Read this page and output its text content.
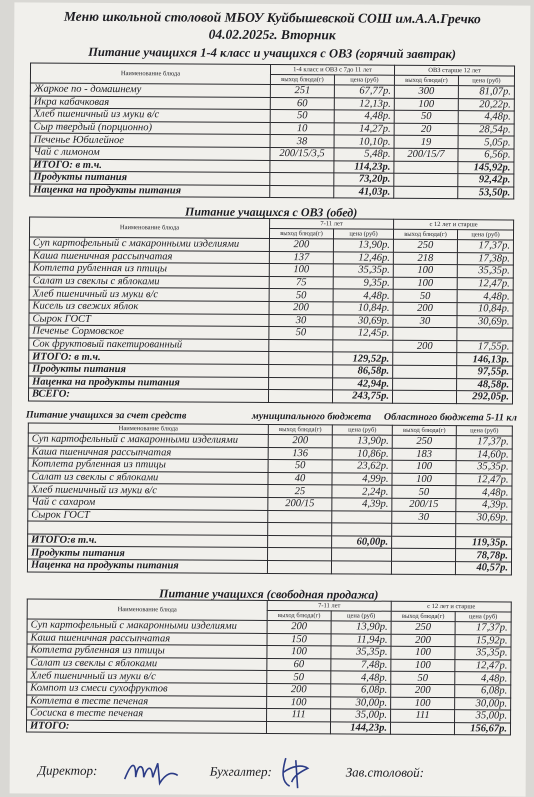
Меню школьной столовой МБОУ Куйбышевской СОШ им.А.А.Гречко
04.02.2025г. Вторник
Питание учащихся 1-4 класс и учащихся с ОВЗ (горячий завтрак)
Наименование блюда	1-4 класс и ОВЗ с 7до 11 лет		ОВЗ старше 12 лет	
	выход блюда(г)	цена (руб)	выход блюда(г)	цена (руб)
Жаркое по - домашнему	251	67,77р.	300	81,07р.
Икра кабачковая	60	12,13р.	100	20,22р.
Хлеб пшеничный из муки в/с	50	4,48р.	50	4,48р.
Сыр твердый (порционно)	10	14,27р.	20	28,54р.
Печенье Юбилейное	38	10,10р.	19	5,05р.
Чай с лимоном	200/15/3,5	5,48р.	200/15/7	6,56р.
ИТОГО: в т.ч.		114,23р.		145,92р.
Продукты питания		73,20р.		92,42р.
Наценка на продукты питания		41,03р.		53,50р.
Питание учащихся с ОВЗ (обед)
Наименование блюда	7-11 лет		с 12 лет и старше	
	выход блюда(г)	цена (руб)	выход блюда(г)	цена (руб)
Суп картофельный с макаронными изделиями	200	13,90р.	250	17,37р.
Каша пшеничная рассыпчатая	137	12,46р.	218	17,38р.
Котлета рубленная из птицы	100	35,35р.	100	35,35р.
Салат из свеклы с яблоками	75	9,35р.	100	12,47р.
Хлеб пшеничный из муки в/с	50	4,48р.	50	4,48р.
Кисель из свежих яблок	200	10,84р.	200	10,84р.
Сырок ГОСТ	30	30,69р.	30	30,69р.
Печенье Сормовское	50	12,45р.		
Сок фруктовый пакетированный			200	17,55р.
ИТОГО: в т.ч.		129,52р.		146,13р.
Продукты питания		86,58р.		97,55р.
Наценка на продукты питания		42,94р.		48,58р.
ВСЕГО:		243,75р.		292,05р.
Питание учащихся за счет средств	муниципального бюджета Областного бюджета 5-11 кл
Наименование блюда	выход блюда(г)	цена (руб)	выход блюда(г)	цена (руб)
Суп картофельный с макаронными изделиями	200	13,90р.	250	17,37р.
Каша пшеничная рассыпчатая	136	10,86р.	183	14,60р.
Котлета рубленная из птицы	50	23,62р.	100	35,35р.
Салат из свеклы с яблоками	40	4,99р.	100	12,47р.
Хлеб пшеничный из муки в/с	25	2,24р.	50	4,48р.
Чай с сахаром	200/15	4,39р.	200/15	4,39р.
Сырок ГОСТ			30	30,69р.

ИТОГО:в т.ч.		60,00р.		119,35р.
Продукты питания				78,78р.
Наценка на продукты питания				40,57р.
Питание учащихся (свободная продажа)
Наименование блюда	7-11 лет		с 12 лет и старше	
	выход блюда(г)	цена (руб)	выход блюда(г)	цена (руб)
Суп картофельный с макаронными изделиями	200	13,90р.	250	17,37р.
Каша пшеничная рассыпчатая	150	11,94р.	200	15,92р.
Котлета рубленная из птицы	100	35,35р.	100	35,35р.
Салат из свеклы с яблоками	60	7,48р.	100	12,47р.
Хлеб пшеничный из муки в/с	50	4,48р.	50	4,48р.
Компот из смеси сухофруктов	200	6,08р.	200	6,08р.
Котлета в тесте печеная	100	30,00р.	100	30,00р.
Сосиска в тесте печеная	111	35,00р.	111	35,00р.
ИТОГО:		144,23р.		156,67р.
Директор:	Бухгалтер:	Зав.столовой:
